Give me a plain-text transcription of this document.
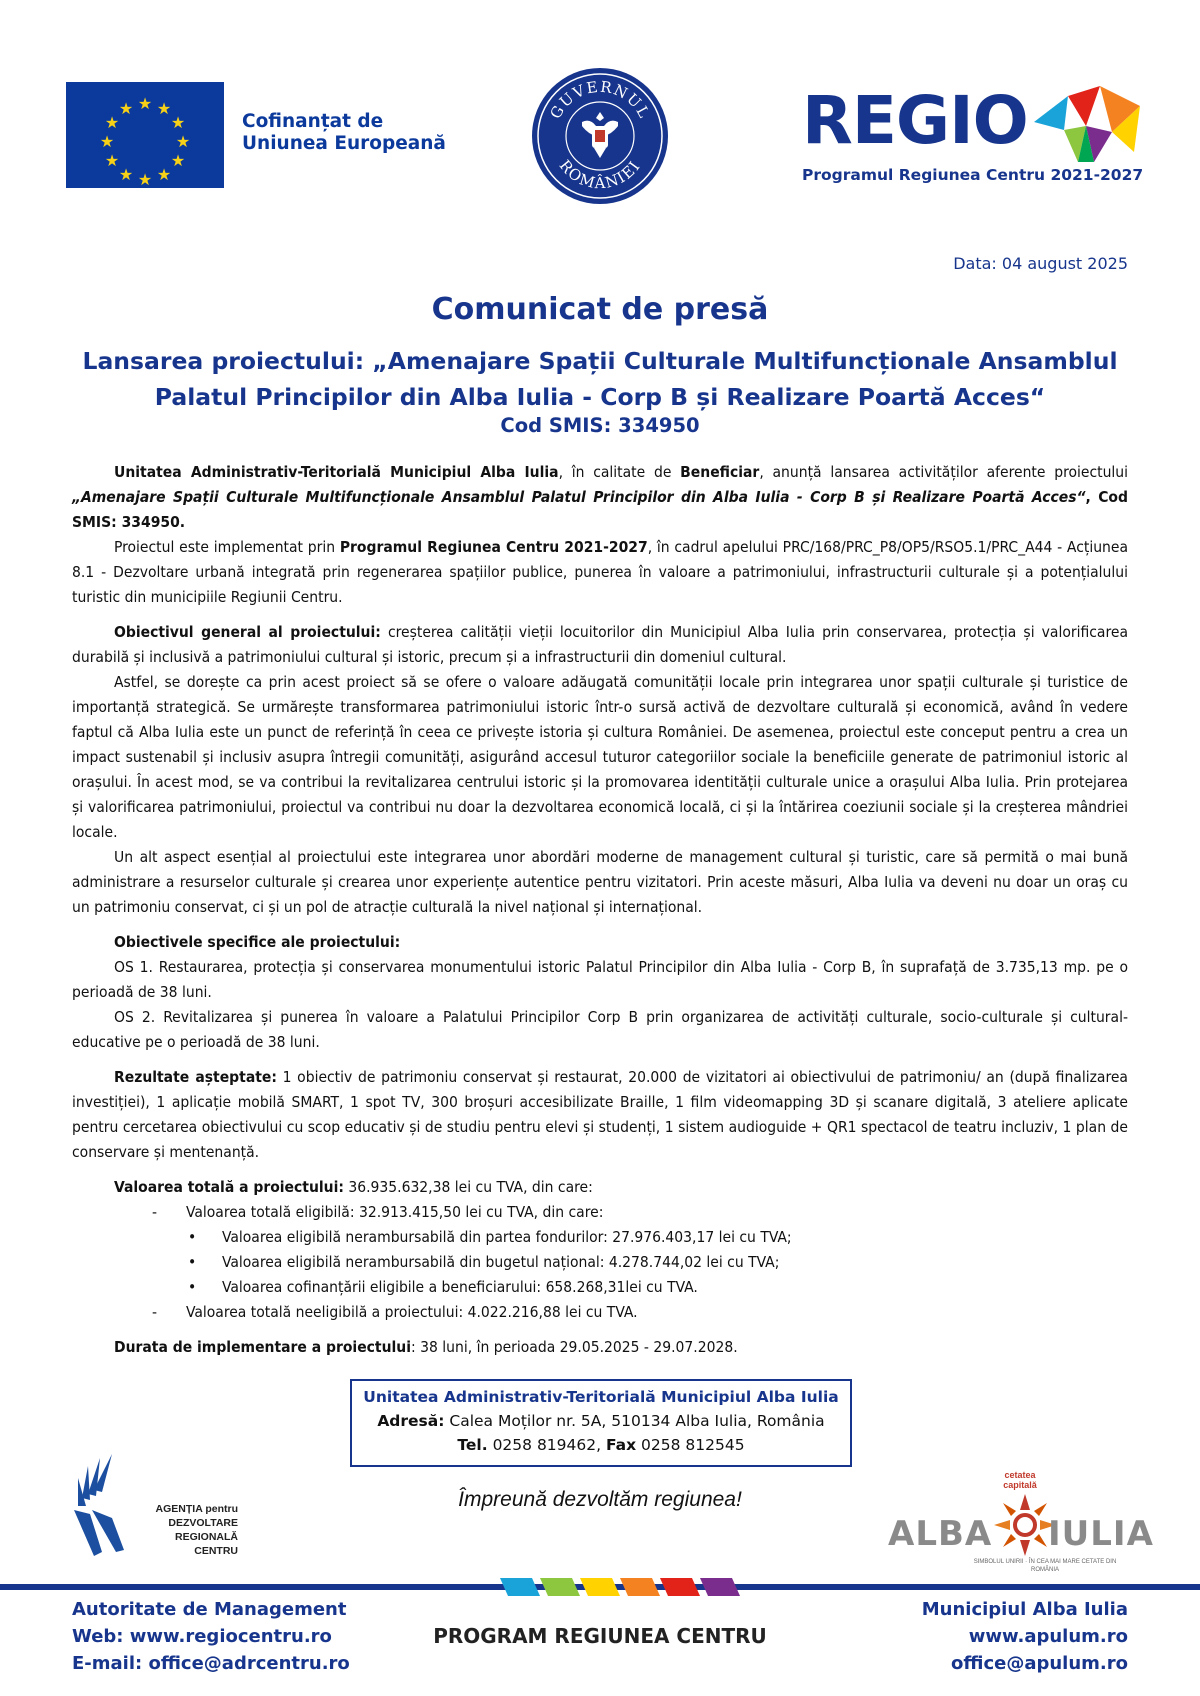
★ ★
★
★
★
★
★
★
★
★
★
★
Cofinanțat de
Uniunea Europeană
GUVERNUL
ROMÂNIEI
REGIO
Programul Regiunea Centru 2021-2027
Data: 04 august 2025
Comunicat de presă
Lansarea proiectului: „Amenajare Spații Culturale Multifuncționale Ansamblul
Palatul Principilor din Alba Iulia - Corp B și Realizare Poartă Acces“
Cod SMIS: 334950

Unitatea Administrativ-Teritorială Municipiul Alba Iulia, în calitate de Beneficiar, anunță lansarea activităților aferente proiectului „Amenajare Spații Culturale Multifuncționale Ansamblul Palatul Principilor din Alba Iulia - Corp B și Realizare Poartă Acces“, Cod SMIS: 334950.

Proiectul este implementat prin Programul Regiunea Centru 2021-2027, în cadrul apelului PRC/168/PRC_P8/OP5/RSO5.1/PRC_A44 - Acțiunea 8.1 - Dezvoltare urbană integrată prin regenerarea spațiilor publice, punerea în valoare a patrimoniului, infrastructurii culturale și a potențialului turistic din municipiile Regiunii Centru.

Obiectivul general al proiectului: creșterea calității vieții locuitorilor din Municipiul Alba Iulia prin conservarea, protecția și valorificarea durabilă și inclusivă a patrimoniului cultural și istoric, precum și a infrastructurii din domeniul cultural.

Astfel, se dorește ca prin acest proiect să se ofere o valoare adăugată comunității locale prin integrarea unor spații culturale și turistice de importanță strategică. Se urmărește transformarea patrimoniului istoric într-o sursă activă de dezvoltare culturală și economică, având în vedere faptul că Alba Iulia este un punct de referință în ceea ce privește istoria și cultura României. De asemenea, proiectul este conceput pentru a crea un impact sustenabil și inclusiv asupra întregii comunități, asigurând accesul tuturor categoriilor sociale la beneficiile generate de patrimoniul istoric al orașului. În acest mod, se va contribui la revitalizarea centrului istoric și la promovarea identității culturale unice a orașului Alba Iulia. Prin protejarea și valorificarea patrimoniului, proiectul va contribui nu doar la dezvoltarea economică locală, ci și la întărirea coeziunii sociale și la creșterea mândriei locale.

Un alt aspect esențial al proiectului este integrarea unor abordări moderne de management cultural și turistic, care să permită o mai bună administrare a resurselor culturale și crearea unor experiențe autentice pentru vizitatori. Prin aceste măsuri, Alba Iulia va deveni nu doar un oraș cu un patrimoniu conservat, ci și un pol de atracție culturală la nivel național și internațional.

Obiectivele specifice ale proiectului:

OS 1. Restaurarea, protecția și conservarea monumentului istoric Palatul Principilor din Alba Iulia - Corp B, în suprafață de 3.735,13 mp. pe o perioadă de 38 luni.

OS 2. Revitalizarea și punerea în valoare a Palatului Principilor Corp B prin organizarea de activități culturale, socio-culturale și cultural-educative pe o perioadă de 38 luni.

Rezultate așteptate: 1 obiectiv de patrimoniu conservat și restaurat, 20.000 de vizitatori ai obiectivului de patrimoniu/ an (după finalizarea investiției), 1 aplicație mobilă SMART, 1 spot TV, 300 broșuri accesibilizate Braille, 1 film videomapping 3D și scanare digitală, 3 ateliere aplicate pentru cercetarea obiectivului cu scop educativ și de studiu pentru elevi și studenți, 1 sistem audioguide + QR1 spectacol de teatru incluziv, 1 plan de conservare și mentenanță.

Valoarea totală a proiectului: 36.935.632,38 lei cu TVA, din care:

- Valoarea totală eligibilă: 32.913.415,50 lei cu TVA, din care:
• Valoarea eligibilă nerambursabilă din partea fondurilor: 27.976.403,17 lei cu TVA;
• Valoarea eligibilă nerambursabilă din bugetul național: 4.278.744,02 lei cu TVA;
• Valoarea cofinanțării eligibile a beneficiarului: 658.268,31lei cu TVA.
- Valoarea totală neeligibilă a proiectului: 4.022.216,88 lei cu TVA.

Durata de implementare a proiectului: 38 luni, în perioada 29.05.2025 - 29.07.2028.

Unitatea Administrativ-Teritorială Municipiul Alba Iulia
Adresă: Calea Moților nr. 5A, 510134 Alba Iulia, România
Tel. 0258 819462, Fax 0258 812545
Împreună dezvoltăm regiunea!
AGENȚIA pentru
DEZVOLTARE
REGIONALĂ
CENTRU
cetatea
capitală
ALBA IULIA
SIMBOLUL UNIRII · ÎN CEA MAI MARE CETATE DIN ROMÂNIA
Autoritate de Management
Web: www.regiocentru.ro
E-mail: office@adrcentru.ro
PROGRAM REGIUNEA CENTRU
Municipiul Alba Iulia
www.apulum.ro
office@apulum.ro
